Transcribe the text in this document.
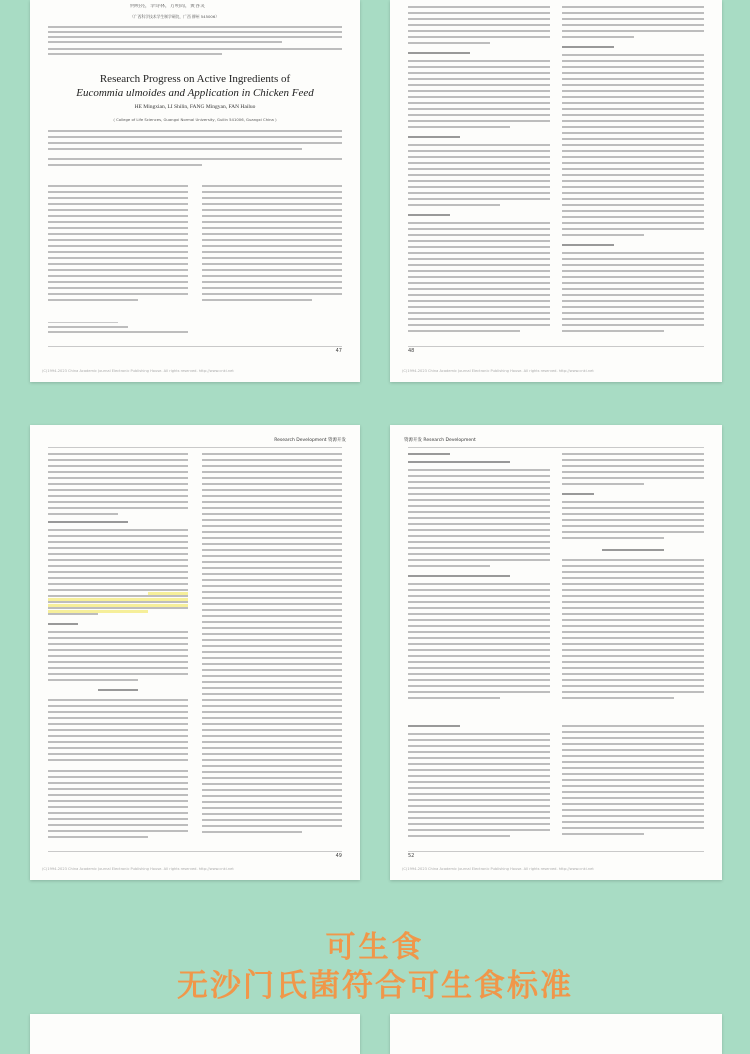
何明亮，李诗林，方明周，黄容灵
（广西科学技术学生制学研院，广西 柳州 545006）
Research Progress on Active Ingredients of
Eucommia ulmoides and Application in Chicken Feed
HE Mingxian, LI Shilin, FANG Mingyan, FAN Hailuo
( College of Life Sciences, Guangxi Normal University, Guilin 541006, Guangxi China )
47
(C)1994-2023 China Academic Journal Electronic Publishing House. All rights reserved. http://www.cnki.net
48
(C)1994-2023 China Academic Journal Electronic Publishing House. All rights reserved. http://www.cnki.net
Research Development 资源开发
49
(C)1994-2023 China Academic Journal Electronic Publishing House. All rights reserved. http://www.cnki.net
资源开发 Research Development
52
(C)1994-2023 China Academic Journal Electronic Publishing House. All rights reserved. http://www.cnki.net
可生食
无沙门氏菌符合可生食标准
